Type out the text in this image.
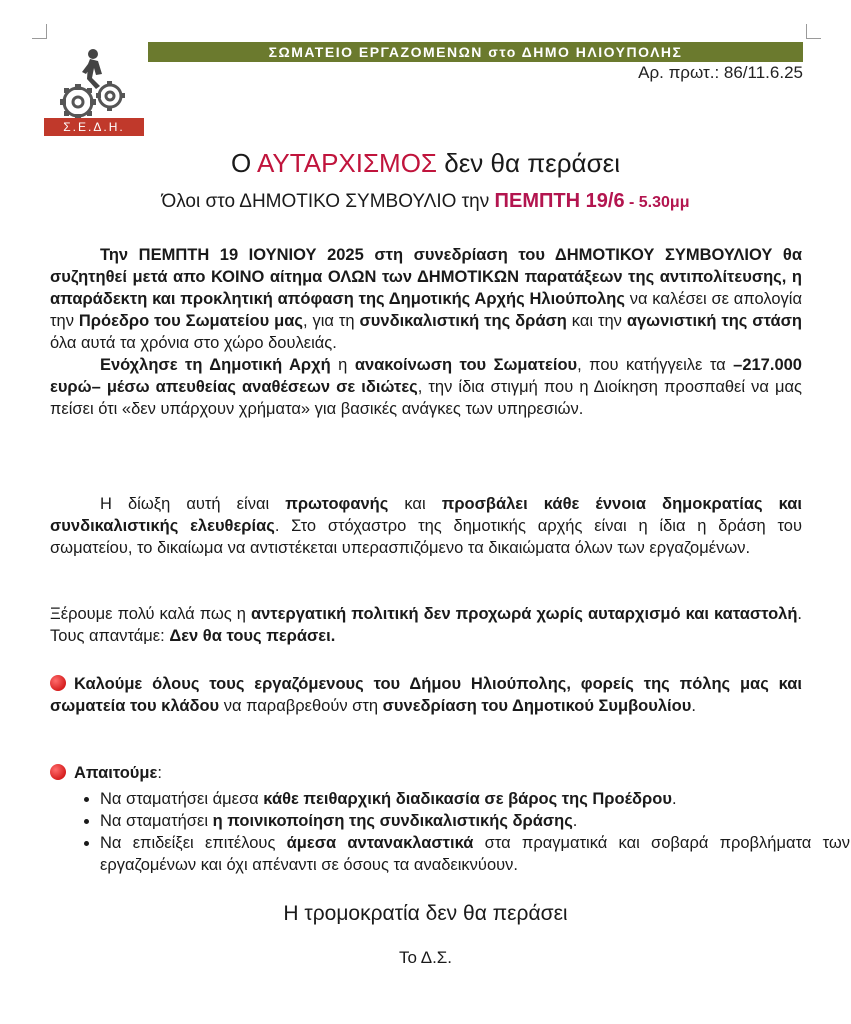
Σ.Ε.Δ.Η.
ΣΩΜΑΤΕΙΟ ΕΡΓΑΖΟΜΕΝΩΝ στο ΔΗΜΟ ΗΛΙΟΥΠΟΛΗΣ
Αρ. πρωτ.: 86/11.6.25
Ο ΑΥΤΑΡΧΙΣΜΟΣ δεν θα περάσει
Όλοι στο ΔΗΜΟΤΙΚΟ ΣΥΜΒΟΥΛΙΟ την ΠΕΜΠΤΗ 19/6 - 5.30μμ
Την ΠΕΜΠΤΗ 19 ΙΟΥΝΙΟΥ 2025 στη συνεδρίαση του ΔΗΜΟΤΙΚΟΥ ΣΥΜΒΟΥΛΙΟΥ θα συζητηθεί μετά απο ΚΟΙΝΟ αίτημα ΟΛΩΝ των ΔΗΜΟΤΙΚΩΝ παρατάξεων της αντιπολίτευσης, η απαράδεκτη και προκλητική απόφαση της Δημοτικής Αρχής Ηλιούπολης να καλέσει σε απολογία την Πρόεδρο του Σωματείου μας, για τη συνδικαλιστική της δράση και την αγωνιστική της στάση όλα αυτά τα χρόνια στο χώρο δουλειάς.
Ενόχλησε τη Δημοτική Αρχή η ανακοίνωση του Σωματείου, που κατήγγειλε τα –217.000 ευρώ– μέσω απευθείας αναθέσεων σε ιδιώτες, την ίδια στιγμή που η Διοίκηση προσπαθεί να μας πείσει ότι «δεν υπάρχουν χρήματα» για βασικές ανάγκες των υπηρεσιών.
Η δίωξη αυτή είναι πρωτοφανής και προσβάλει κάθε έννοια δημοκρατίας και συνδικαλιστικής ελευθερίας. Στο στόχαστρο της δημοτικής αρχής είναι η ίδια η δράση του σωματείου, το δικαίωμα να αντιστέκεται υπερασπιζόμενο τα δικαιώματα όλων των εργαζομένων.
Ξέρουμε πολύ καλά πως η αντεργατική πολιτική δεν προχωρά χωρίς αυταρχισμό και καταστολή. Τους απαντάμε: Δεν θα τους περάσει.
Καλούμε όλους τους εργαζόμενους του Δήμου Ηλιούπολης, φορείς της πόλης μας και σωματεία του κλάδου να παραβρεθούν στη συνεδρίαση του Δημοτικού Συμβουλίου.
Απαιτούμε:
• Να σταματήσει άμεσα κάθε πειθαρχική διαδικασία σε βάρος της Προέδρου.
• Να σταματήσει η ποινικοποίηση της συνδικαλιστικής δράσης.
• Να επιδείξει επιτέλους άμεσα αντανακλαστικά στα πραγματικά και σοβαρά προβλήματα των εργαζομένων και όχι απέναντι σε όσους τα αναδεικνύουν.
Η τρομοκρατία δεν θα περάσει
Το Δ.Σ.
